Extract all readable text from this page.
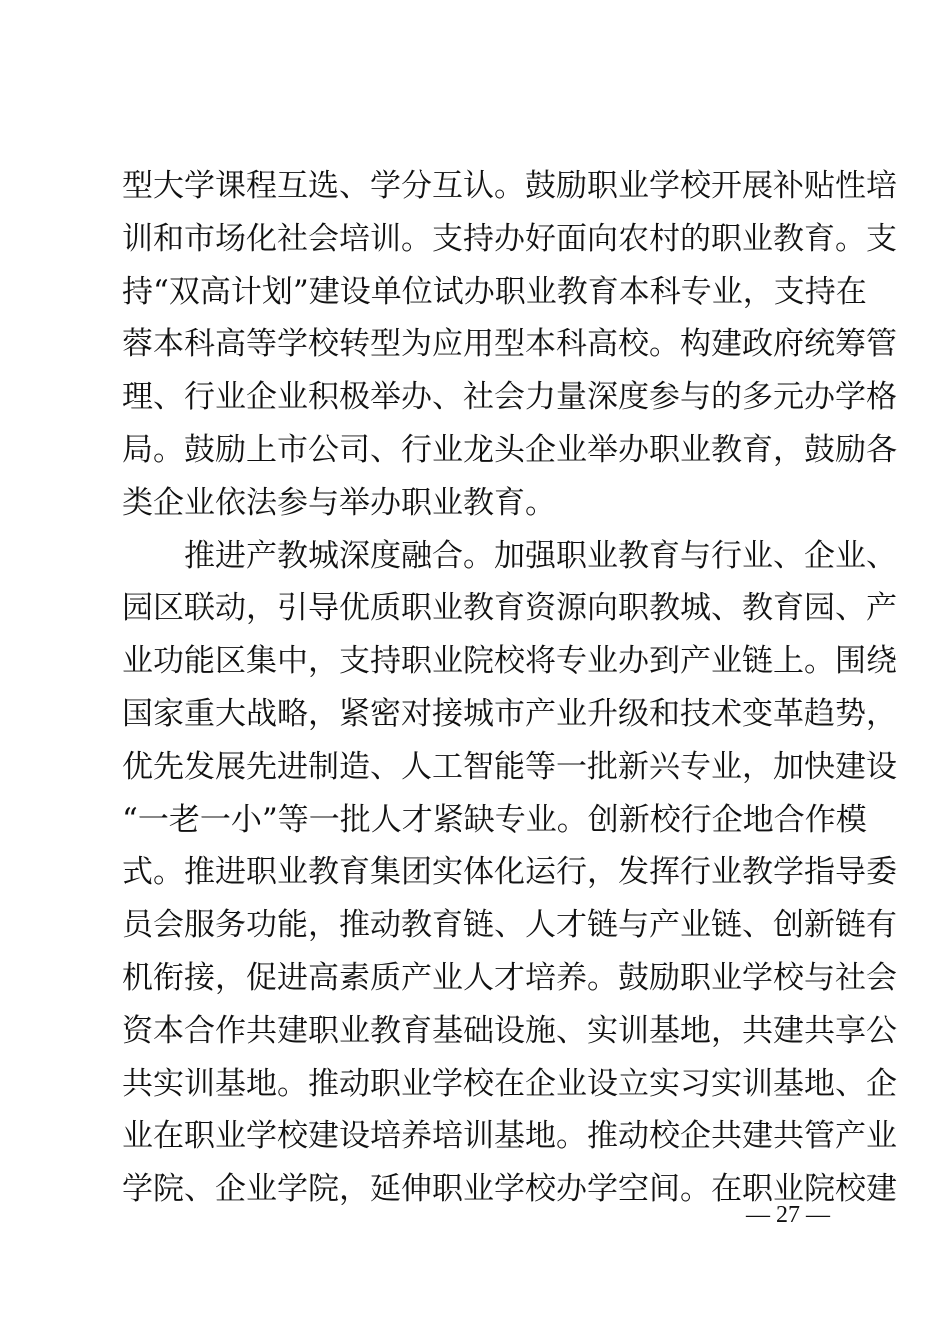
型大学课程互选、学分互认。鼓励职业学校开展补贴性培
训和市场化社会培训。支持办好面向农村的职业教育。支
持“双高计划”建设单位试办职业教育本科专业，支持在
蓉本科高等学校转型为应用型本科高校。构建政府统筹管
理、行业企业积极举办、社会力量深度参与的多元办学格
局。鼓励上市公司、行业龙头企业举办职业教育，鼓励各
类企业依法参与举办职业教育。
推进产教城深度融合。加强职业教育与行业、企业、
园区联动，引导优质职业教育资源向职教城、教育园、产
业功能区集中，支持职业院校将专业办到产业链上。围绕
国家重大战略，紧密对接城市产业升级和技术变革趋势，
优先发展先进制造、人工智能等一批新兴专业，加快建设
“一老一小”等一批人才紧缺专业。创新校行企地合作模
式。推进职业教育集团实体化运行，发挥行业教学指导委
员会服务功能，推动教育链、人才链与产业链、创新链有
机衔接，促进高素质产业人才培养。鼓励职业学校与社会
资本合作共建职业教育基础设施、实训基地，共建共享公
共实训基地。推动职业学校在企业设立实习实训基地、企
业在职业学校建设培养培训基地。推动校企共建共管产业
学院、企业学院，延伸职业学校办学空间。在职业院校建
— 27 —
